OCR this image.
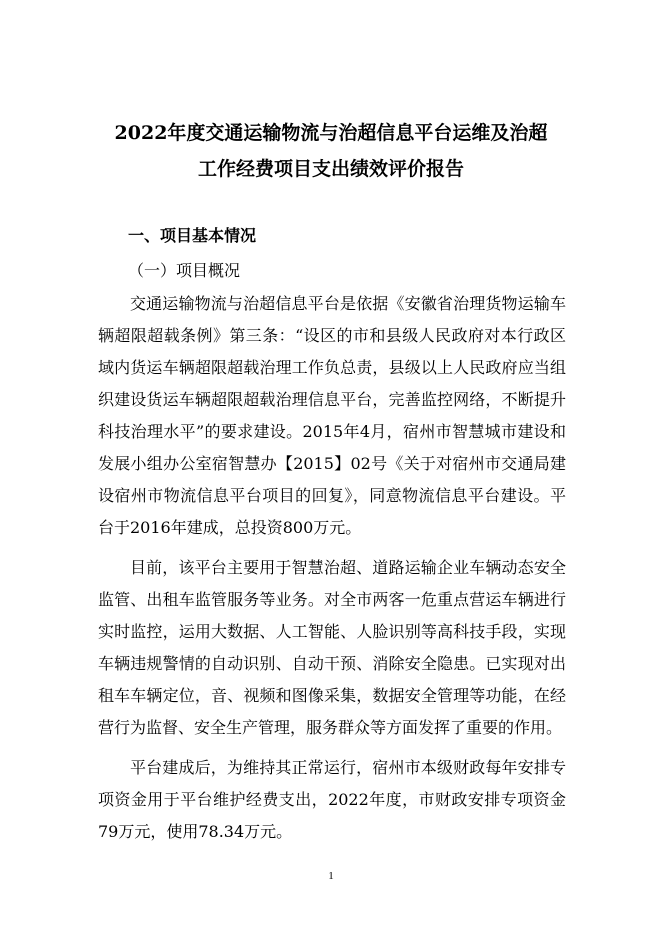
2022年度交通运输物流与治超信息平台运维及治超
工作经费项目支出绩效评价报告
一、项目基本情况
（一）项目概况

交通运输物流与治超信息平台是依据《安徽省治理货物运输车辆超限超载条例》第三条：“设区的市和县级人民政府对本行政区域内货运车辆超限超载治理工作负总责，县级以上人民政府应当组织建设货运车辆超限超载治理信息平台，完善监控网络，不断提升科技治理水平”的要求建设。2015年4月，宿州市智慧城市建设和发展小组办公室宿智慧办【2015】02号《关于对宿州市交通局建设宿州市物流信息平台项目的回复》，同意物流信息平台建设。平台于2016年建成，总投资800万元。

目前，该平台主要用于智慧治超、道路运输企业车辆动态安全监管、出租车监管服务等业务。对全市两客一危重点营运车辆进行实时监控，运用大数据、人工智能、人脸识别等高科技手段，实现车辆违规警情的自动识别、自动干预、消除安全隐患。已实现对出租车车辆定位，音、视频和图像采集，数据安全管理等功能，在经营行为监督、安全生产管理，服务群众等方面发挥了重要的作用。

平台建成后，为维持其正常运行，宿州市本级财政每年安排专项资金用于平台维护经费支出，2022年度，市财政安排专项资金79万元，使用78.34万元。

1
